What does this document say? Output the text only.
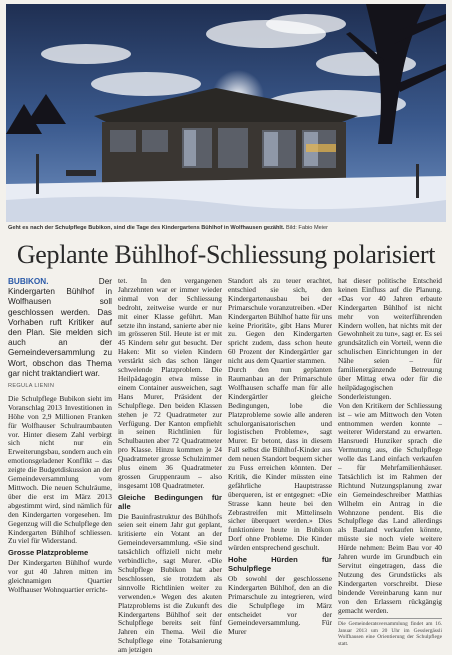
Geht es nach der Schulpflege Bubikon, sind die Tage des Kindergartens Bühlhof in Wolfhausen gezählt. Bild: Fabio Meier
Geplante Bühlhof-Schliessung polarisiert

BUBIKON.	Der Kindergarten Bühlhof in Wolfhausen soll geschlossen werden. Das Vorhaben ruft Kritiker auf den Plan. Sie melden sich auch an der Gemeindeversammlung zu Wort, obschon das Thema gar nicht traktandiert war.

REGULA LIENIN

Die Schulpflege Bubikon sieht im Voranschlag 2013 Investitionen in Höhe von 2,9 Millionen Franken für Wolfhauser Schulraumbauten vor. Hinter diesem Zahl verbirgt sich nicht nur ein Erweiterungsbau, sondern auch ein emotionsgeladener Konflikt – das zeigte die Budgetdiskussion an der Gemeindeversammlung vom Mittwoch. Die neuen Schulräume, über die erst im März 2013 abgestimmt wird, sind nämlich für den Kindergarten vorgesehen. Im Gegenzug will die Schulpflege den Kindergarten Bühlhof schliessen. Zu viel für Widerstand.

Grosse Platzprobleme

Der Kindergarten Bühlhof wurde vor gut 40 Jahren mitten im gleichnamigen Quartier Wolfhauser Wohnquartier erricht-

tet. In den vergangenen Jahrzehnten war er immer wieder einmal von der Schliessung bedroht, zeitweise wurde er nur mit einer Klasse geführt. Man setzte ihn instand, sanierte aber nie im grösseren Stil. Heute ist er mit 45 Kindern sehr gut besucht. Der Haken: Mit so vielen Kindern verstärkt sich das schon länger schwelende Platzproblem. Die Heilpädagogin etwa müsse in einem Container ausweichen, sagt Hans Murer, Präsident der Schulpflege. Den beiden Klassen stehen je 72 Quadratmeter zur Verfügung. Der Kanton empfiehlt in seinen Richtlinien für Schulbauten aber 72 Quadratmeter pro Klasse. Hinzu kommen je 24 Quadratmeter grosse Schulzimmer plus einem 36 Quadratmeter grossen Gruppenraum – also insgesamt 108 Quadratmeter.

Gleiche Bedingungen für alle

Die Bauinfrastruktur des Bühlhofs seien seit einem Jahr gut geplant, kritisierte ein Votant an der Gemeindeversammlung. «Sie sind tatsächlich offiziell nicht mehr verbindlich», sagt Murer. «Die Schulpflege Bubikon hat aber beschlossen, sie trotzdem als sinnvolle Richtlinien weiter zu verwenden.» Wegen des akuten Platzproblems ist die Zukunft des Kindergartens Bühlhof seit der Schulpflege bereits seit fünf Jahren ein Thema. Weil die Schulpflege eine Totalsanierung am jetzigen

Standort als zu teuer erachtet, entschied sie sich, den Kindergartenausbau bei der Primarschule voranzutreiben. «Der Kindergarten Bühlhof hatte für uns keine Priorität», gibt Hans Murer zu. Gegen den Kindergarten spricht zudem, dass schon heute 60 Prozent der Kindergärtler gar nicht aus dem Quartier stammen.

Durch den nun geplanten Raumanbau an der Primarschule Wolfhausen schaffe man für alle Kindergärtler gleiche Bedingungen, lobe die Platzprobleme sowie alle anderen schulorganisatorischen und logistischen Probleme», sagt Murer. Er betont, dass in diesem Fall selbst die Bühlhof-Kinder aus dem neuen Standort bequem sicher zu Fuss erreichen könnten. Der Kritik, die Kinder müssten eine gefährliche Hauptstrasse überqueren, ist er entgegnet: «Die Strasse kann heute bei den Zebrastreifen mit Mittelinseln sicher überquert werden.» Dies funktioniere heute in Bubikon Dorf ohne Probleme. Die Kinder würden entsprechend geschult.

Hohe Hürden für Schulpflege

Ob sowohl der geschlossene Kindergarten Bühlhof, den an die Primarschule zu integrieren, wird die Schulpflege im März entscheidet vor der Gemeindeversammlung. Für Murer

hat dieser politische Entscheid keinen Einfluss auf die Planung. «Das vor 40 Jahren erbaute Kindergarten Bühlhof ist nicht mehr von weiterführenden Kindern wollen, hat nichts mit der Gewohnheit zu tun», sagt er. Es sei grundsätzlich ein Vorteil, wenn die schulischen Einrichtungen in der Nähe seien – für familienergänzende Betreuung über Mittag etwa oder für die heilpädagogischen Sonderleistungen.

Von den Kritikern der Schliessung ist – wie am Mittwoch den Voten entnommen werden konnte – weiterer Widerstand zu erwarten. Hansruedi Hunziker sprach die Vermutung aus, die Schulpflege wolle das Land einfach verkaufen – für Mehrfamilienhäuser. Tatsächlich ist im Rahmen der Richtund Nutzungsplanung zwar ein Gemeindeschreiber Matthias Wilhelm ein Antrag in die Wohnzone pendent. Bis die Schulpflege das Land allerdings als Bauland verkaufen könnte, müsste sie noch viele weitere Hürde nehmen: Beim Bau vor 40 Jahren wurde im Grundbuch ein Servitut eingetragen, dass die Nutzung des Grundstücks als Kindergarten vorschreibt. Diese bindende Vereinbarung kann nur von den Erlassern rückgängig gemacht werden.

Die Gemeinderatsversammlung findet am 16. Januar 2013 um 20 Uhr im Gesslergässli Wolfhausen eine Orientierung der Schulpflege statt.
